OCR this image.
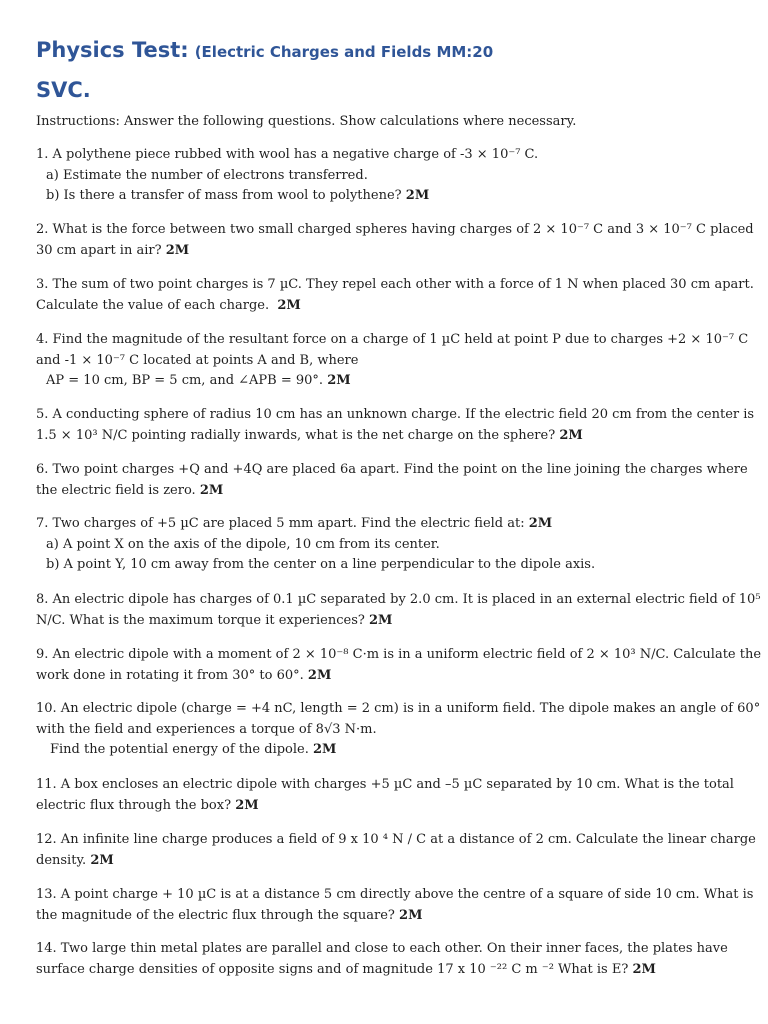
Physics Test: (Electric Charges and Fields MM:20
SVC.
Instructions: Answer the following questions. Show calculations where necessary.
1. A polythene piece rubbed with wool has a negative charge of -3 × 10⁻⁷ C.
a) Estimate the number of electrons transferred.
b) Is there a transfer of mass from wool to polythene? 2M
2. What is the force between two small charged spheres having charges of 2 × 10⁻⁷ C and 3 × 10⁻⁷ C placed
30 cm apart in air? 2M
3. The sum of two point charges is 7 µC. They repel each other with a force of 1 N when placed 30 cm apart.
Calculate the value of each charge. 2M
4. Find the magnitude of the resultant force on a charge of 1 µC held at point P due to charges +2 × 10⁻⁷ C
and -1 × 10⁻⁷ C located at points A and B, where
AP = 10 cm, BP = 5 cm, and ∠APB = 90°. 2M
5. A conducting sphere of radius 10 cm has an unknown charge. If the electric field 20 cm from the center is
1.5 × 10³ N/C pointing radially inwards, what is the net charge on the sphere? 2M
6. Two point charges +Q and +4Q are placed 6a apart. Find the point on the line joining the charges where
the electric field is zero. 2M
7. Two charges of +5 µC are placed 5 mm apart. Find the electric field at: 2M
a) A point X on the axis of the dipole, 10 cm from its center.
b) A point Y, 10 cm away from the center on a line perpendicular to the dipole axis.
8. An electric dipole has charges of 0.1 µC separated by 2.0 cm. It is placed in an external electric field of 10⁵
N/C. What is the maximum torque it experiences? 2M
9. An electric dipole with a moment of 2 × 10⁻⁸ C·m is in a uniform electric field of 2 × 10³ N/C. Calculate the
work done in rotating it from 30° to 60°. 2M
10. An electric dipole (charge = +4 nC, length = 2 cm) is in a uniform field. The dipole makes an angle of 60°
with the field and experiences a torque of 8√3 N·m.
Find the potential energy of the dipole. 2M
11. A box encloses an electric dipole with charges +5 µC and –5 µC separated by 10 cm. What is the total
electric flux through the box? 2M
12. An infinite line charge produces a field of 9 x 10 ⁴ N / C at a distance of 2 cm. Calculate the linear charge
density. 2M
13. A point charge + 10 µC is at a distance 5 cm directly above the centre of a square of side 10 cm. What is
the magnitude of the electric flux through the square? 2M
14. Two large thin metal plates are parallel and close to each other. On their inner faces, the plates have
surface charge densities of opposite signs and of magnitude 17 x 10 ⁻²² C m ⁻² What is E? 2M
